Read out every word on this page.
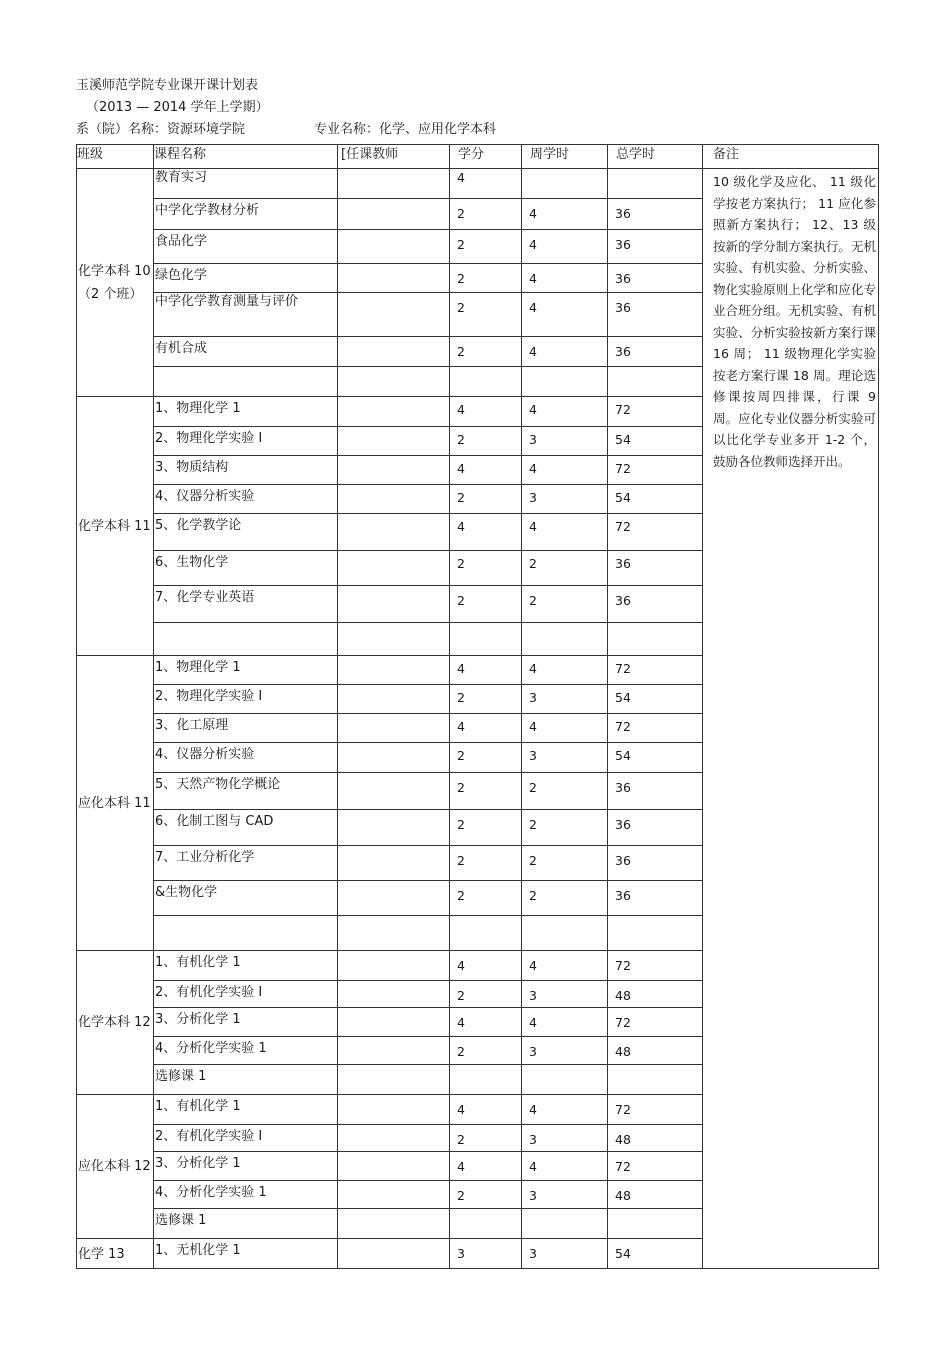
玉溪师范学院专业课开课计划表
（2013 — 2014 学年上学期）
系（院）名称：资源环境学院	专业名称：化学、应用化学本科
班级	课程名称	[任课教师	学分	周学时	总学时	备注
化学本科 10 （2 个班）	教育实习		4			10 级化学及应化、 11 级化学按老方案执行； 11 应化参照新方案执行； 12、13 级按新的学分制方案执行。无机实验、有机实验、分析实验、物化实验原则上化学和应化专业合班分组。无机实验、有机实验、分析实验按新方案行课 16 周； 11 级物理化学实验按老方案行课 18 周。理论选修课按周四排课，行课 9 周。应化专业仪器分析实验可以比化学专业多开 1-2 个，鼓励各位教师选择开出。

	中学化学教材分析		2	4	36	

	食品化学		2	4	36	

	绿色化学		2	4	36	

	中学化学教育测量与评价		2	4	36	

	有机合成		2	4	36	

化学本科 11	1、物理化学 1		4	4	72	

	2、物理化学实验 Ⅰ		2	3	54	

	3、物质结构		4	4	72	

	4、仪器分析实验		2	3	54	

	5、化学教学论		4	4	72	

	6、生物化学		2	2	36	

	7、化学专业英语		2	2	36	

应化本科 11	1、物理化学 1		4	4	72	

	2、物理化学实验 Ⅰ		2	3	54	

	3、化工原理		4	4	72	

	4、仪器分析实验		2	3	54	

	5、天然产物化学概论		2	2	36	

	6、化制工图与 CAD		2	2	36	

	7、工业分析化学		2	2	36	

	&生物化学		2	2	36	

化学本科 12	1、有机化学 1		4	4	72	

	2、有机化学实验 Ⅰ		2	3	48	

	3、分析化学 1		4	4	72	

	4、分析化学实验 1		2	3	48	

	选修课 1					

应化本科 12	1、有机化学 1		4	4	72	

	2、有机化学实验 Ⅰ		2	3	48	

	3、分析化学 1		4	4	72	

	4、分析化学实验 1		2	3	48	

	选修课 1					

化学 13	1、无机化学 1		3	3	54	
